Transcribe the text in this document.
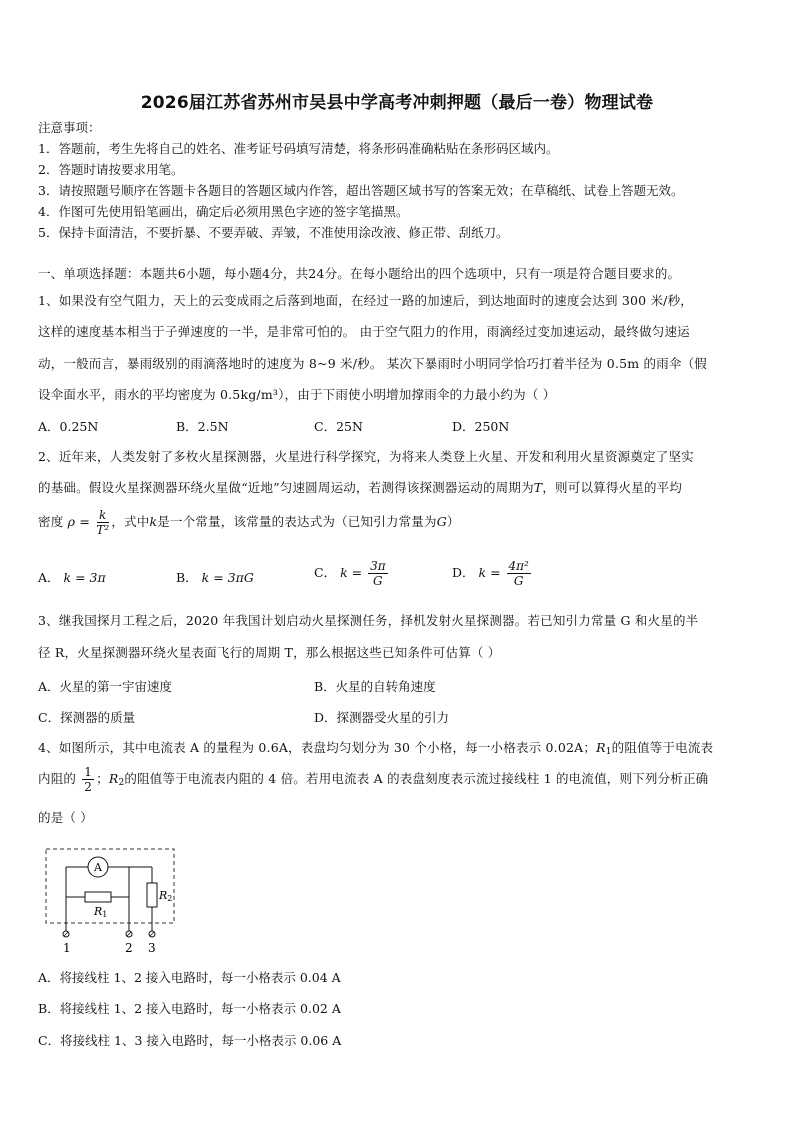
2026届江苏省苏州市吴县中学高考冲刺押题（最后一卷）物理试卷
注意事项：
1．答题前，考生先将自己的姓名、准考证号码填写清楚，将条形码准确粘贴在条形码区域内。
2．答题时请按要求用笔。
3．请按照题号顺序在答题卡各题目的答题区域内作答，超出答题区域书写的答案无效；在草稿纸、试卷上答题无效。
4．作图可先使用铅笔画出，确定后必须用黑色字迹的签字笔描黑。
5．保持卡面清洁，不要折暴、不要弄破、弄皱，不准使用涂改液、修正带、刮纸刀。
一、单项选择题：本题共6小题，每小题4分，共24分。在每小题给出的四个选项中，只有一项是符合题目要求的。
1、如果没有空气阻力，天上的云变成雨之后落到地面，在经过一路的加速后，到达地面时的速度会达到 300 米/秒，
这样的速度基本相当于子弹速度的一半，是非常可怕的。 由于空气阻力的作用，雨滴经过变加速运动，最终做匀速运
动，一般而言，暴雨级别的雨滴落地时的速度为 8~9 米/秒。 某次下暴雨时小明同学恰巧打着半径为 0.5m 的雨伞（假
设伞面水平，雨水的平均密度为 0.5kg/m³），由于下雨使小明增加撑雨伞的力最小约为（ ）
A．0.25N	B．2.5N	C．25N	D．250N
2、近年来，人类发射了多枚火星探测器，火星进行科学探究，为将来人类登上火星、开发和利用火星资源奠定了坚实
的基础。假设火星探测器环绕火星做“近地”匀速圆周运动，若测得该探测器运动的周期为T，则可以算得火星的平均
密度 $\rho = \frac{k}{\text{T²}}$ ，式中k是一个常量，该常量的表达式为（已知引力常量为G）
A． k = 3π	B． k = 3πG	C． $k = \frac{3\pi}{G}$	D． $k = \frac{\text{4π²}}{G}$
3、继我国探月工程之后，2020 年我国计划启动火星探测任务，择机发射火星探测器。若已知引力常量 G 和火星的半
径 R，火星探测器环绕火星表面飞行的周期 T，那么根据这些已知条件可估算（ ）
A．火星的第一宇宙速度	B．火星的自转角速度
C．探测器的质量	D．探测器受火星的引力
4、如图所示，其中电流表 A 的量程为 0.6A，表盘均匀划分为 30 个小格，每一小格表示 0.02A；$R_1$的阻值等于电流表
内阻的 $\frac{1}{2}$ ；$R_2$的阻值等于电流表内阻的 4 倍。若用电流表 A 的表盘刻度表示流过接线柱 1 的电流值，则下列分析正确
的是（ ）
A
R1
R2
1	2 3
A．将接线柱 1、2 接入电路时，每一小格表示 0.04 A
B．将接线柱 1、2 接入电路时，每一小格表示 0.02 A
C．将接线柱 1、3 接入电路时，每一小格表示 0.06 A
